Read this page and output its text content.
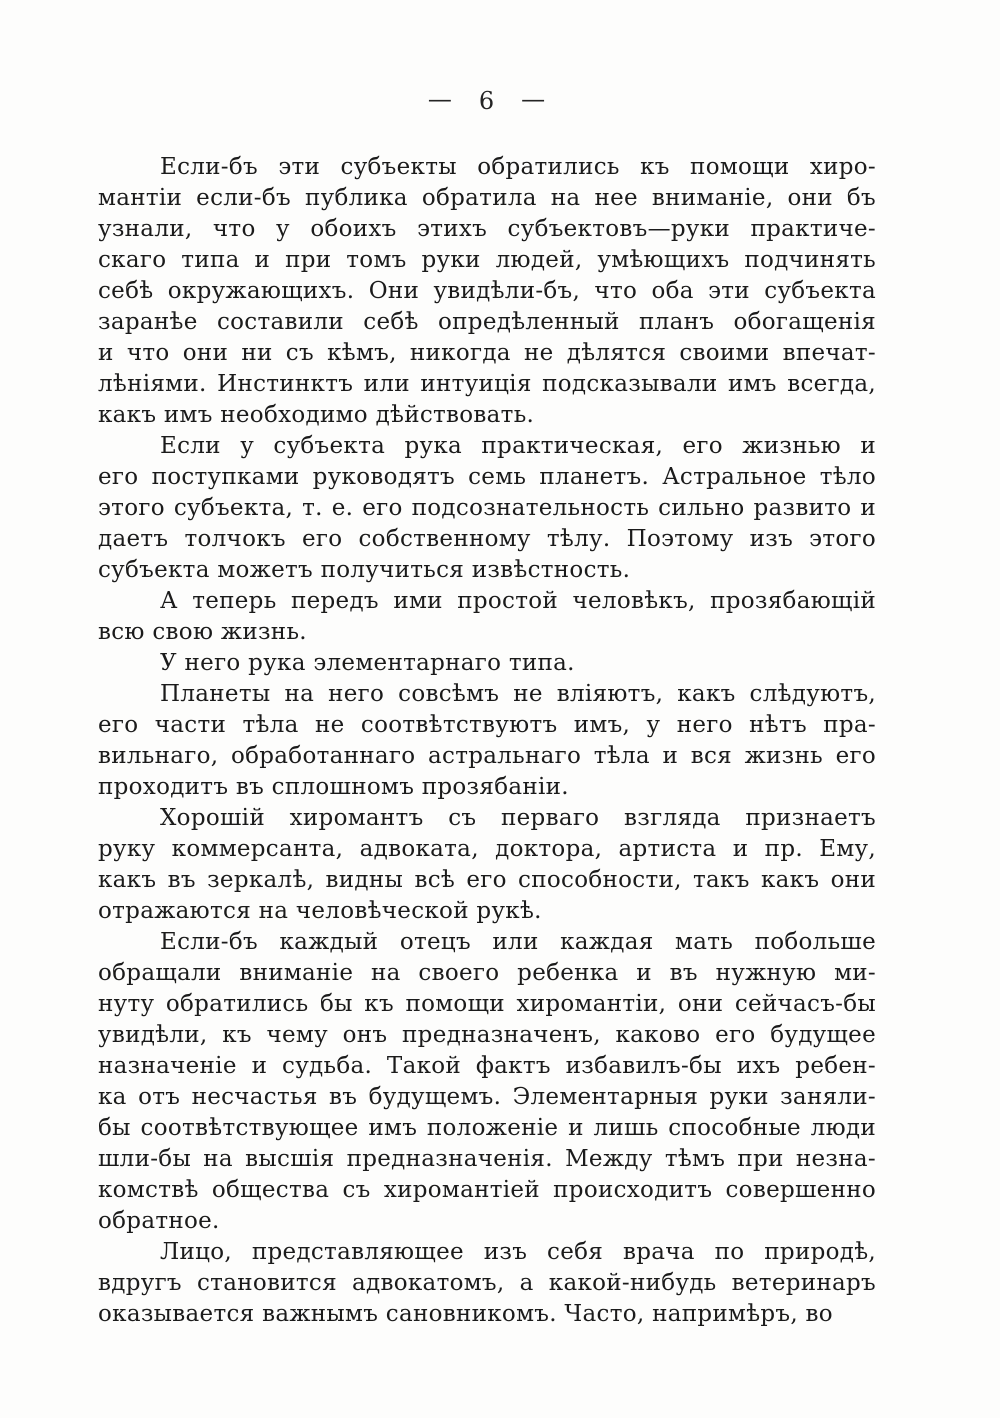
— 6 —
Если-бъ эти субъекты обратились къ помощи хиро-
мантіи если-бъ публика обратила на нее вниманіе, они бъ
узнали, что у обоихъ этихъ субъектовъ—руки практиче-
скаго типа и при томъ руки людей, умѣющихъ подчинять
себѣ окружающихъ. Они увидѣли-бъ, что оба эти субъекта
заранѣе составили себѣ опредѣленный планъ обогащенія
и что они ни съ кѣмъ, никогда не дѣлятся своими впечат-
лѣніями. Инстинктъ или интуиція подсказывали имъ всегда,
какъ имъ необходимо дѣйствовать.
Если у субъекта рука практическая, его жизнью и
его поступками руководятъ семь планетъ. Астральное тѣло
этого субъекта, т. е. его подсознательность сильно развито и
даетъ толчокъ его собственному тѣлу. Поэтому изъ этого
субъекта можетъ получиться извѣстность.
А теперь передъ ими простой человѣкъ, прозябающій
всю свою жизнь.
У него рука элементарнаго типа.
Планеты на него совсѣмъ не вліяютъ, какъ слѣдуютъ,
его части тѣла не соотвѣтствуютъ имъ, у него нѣтъ пра-
вильнаго, обработаннаго астральнаго тѣла и вся жизнь его
проходитъ въ сплошномъ прозябаніи.
Хорошій хиромантъ съ перваго взгляда признаетъ
руку коммерсанта, адвоката, доктора, артиста и пр. Ему,
какъ въ зеркалѣ, видны всѣ его способности, такъ какъ они
отражаются на человѣческой рукѣ.
Если-бъ каждый отецъ или каждая мать побольше
обращали вниманіе на своего ребенка и въ нужную ми-
нуту обратились бы къ помощи хиромантіи, они сейчасъ-бы
увидѣли, къ чему онъ предназначенъ, каково его будущее
назначеніе и судьба. Такой фактъ избавилъ-бы ихъ ребен-
ка отъ несчастья въ будущемъ. Элементарныя руки заняли-
бы соотвѣтствующее имъ положеніе и лишь способные люди
шли-бы на высшія предназначенія. Между тѣмъ при незна-
комствѣ общества съ хиромантіей происходитъ совершенно
обратное.
Лицо, представляющее изъ себя врача по природѣ,
вдругъ становится адвокатомъ, а какой-нибудь ветеринаръ
оказывается важнымъ сановникомъ. Часто, напримѣръ, во
